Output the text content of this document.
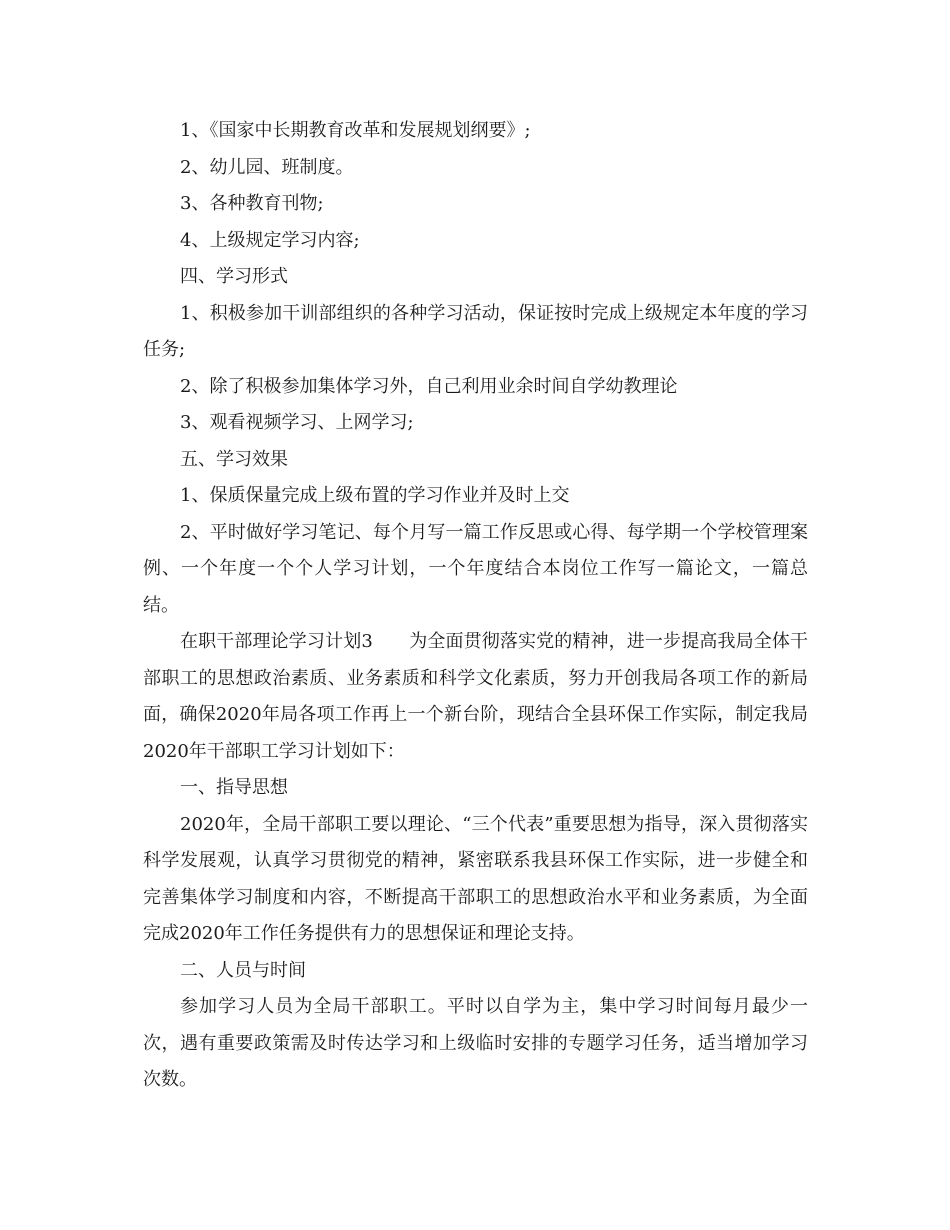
1、《国家中长期教育改革和发展规划纲要》;

2、幼儿园、班制度。

3、各种教育刊物;

4、上级规定学习内容;

四、学习形式

1、积极参加干训部组织的各种学习活动，保证按时完成上级规定本年度的学习任务;

2、除了积极参加集体学习外，自己利用业余时间自学幼教理论

3、观看视频学习、上网学习;

五、学习效果

1、保质保量完成上级布置的学习作业并及时上交

2、平时做好学习笔记、每个月写一篇工作反思或心得、每学期一个学校管理案例、一个年度一个个人学习计划，一个年度结合本岗位工作写一篇论文，一篇总结。

在职干部理论学习计划3　　为全面贯彻落实党的精神，进一步提高我局全体干部职工的思想政治素质、业务素质和科学文化素质，努力开创我局各项工作的新局面，确保2020年局各项工作再上一个新台阶，现结合全县环保工作实际，制定我局2020年干部职工学习计划如下：

一、指导思想

2020年，全局干部职工要以理论、“三个代表”重要思想为指导，深入贯彻落实科学发展观，认真学习贯彻党的精神，紧密联系我县环保工作实际，进一步健全和完善集体学习制度和内容，不断提高干部职工的思想政治水平和业务素质，为全面完成2020年工作任务提供有力的思想保证和理论支持。

二、人员与时间

参加学习人员为全局干部职工。平时以自学为主，集中学习时间每月最少一次，遇有重要政策需及时传达学习和上级临时安排的专题学习任务，适当增加学习次数。
